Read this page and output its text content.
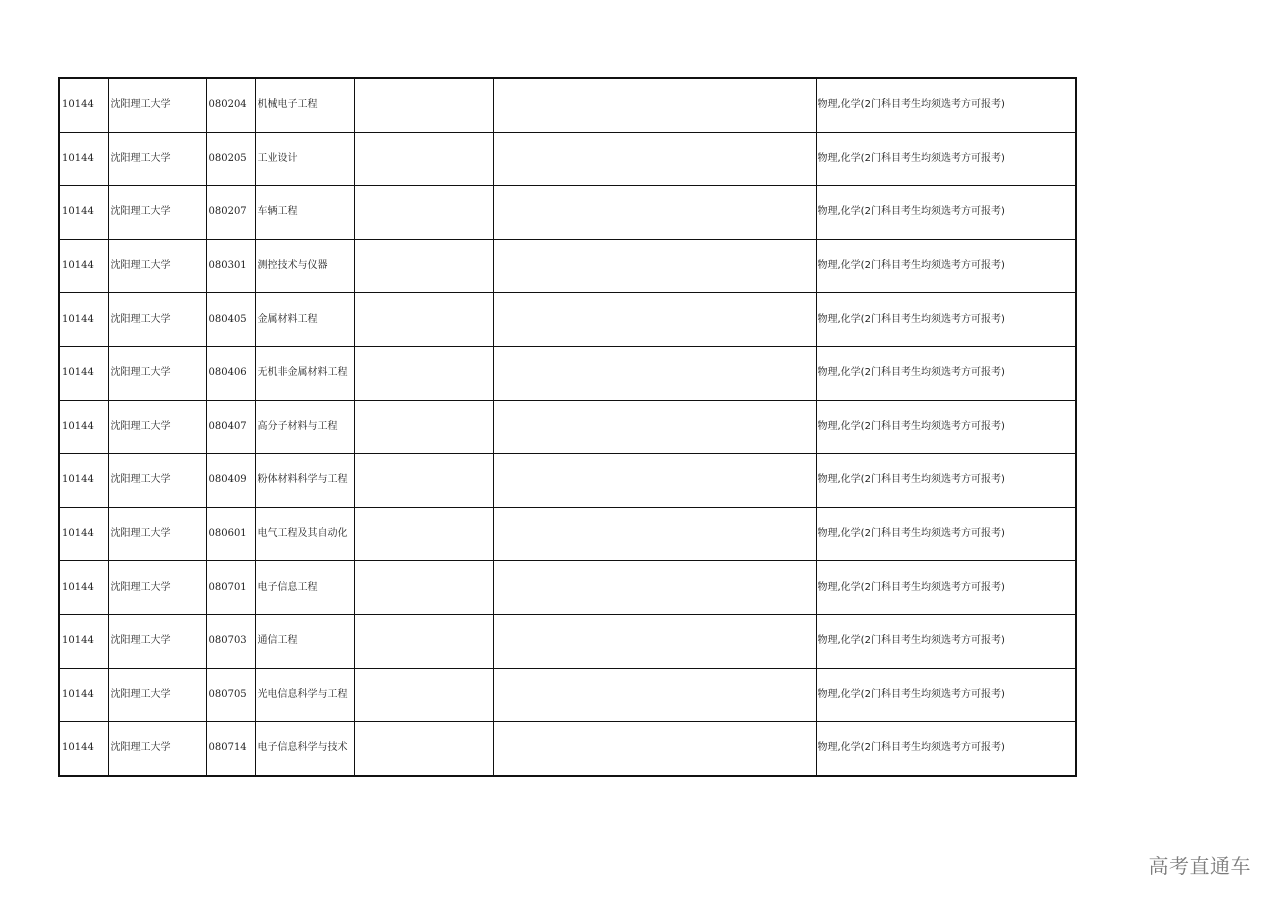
10144	沈阳理工大学	080204	机械电子工程			物理,化学(2门科目考生均须选考方可报考)
10144	沈阳理工大学	080205	工业设计			物理,化学(2门科目考生均须选考方可报考)
10144	沈阳理工大学	080207	车辆工程			物理,化学(2门科目考生均须选考方可报考)
10144	沈阳理工大学	080301	测控技术与仪器			物理,化学(2门科目考生均须选考方可报考)
10144	沈阳理工大学	080405	金属材料工程			物理,化学(2门科目考生均须选考方可报考)
10144	沈阳理工大学	080406	无机非金属材料工程			物理,化学(2门科目考生均须选考方可报考)
10144	沈阳理工大学	080407	高分子材料与工程			物理,化学(2门科目考生均须选考方可报考)
10144	沈阳理工大学	080409	粉体材料科学与工程			物理,化学(2门科目考生均须选考方可报考)
10144	沈阳理工大学	080601	电气工程及其自动化			物理,化学(2门科目考生均须选考方可报考)
10144	沈阳理工大学	080701	电子信息工程			物理,化学(2门科目考生均须选考方可报考)
10144	沈阳理工大学	080703	通信工程			物理,化学(2门科目考生均须选考方可报考)
10144	沈阳理工大学	080705	光电信息科学与工程			物理,化学(2门科目考生均须选考方可报考)
10144	沈阳理工大学	080714	电子信息科学与技术			物理,化学(2门科目考生均须选考方可报考)
高考直通车
